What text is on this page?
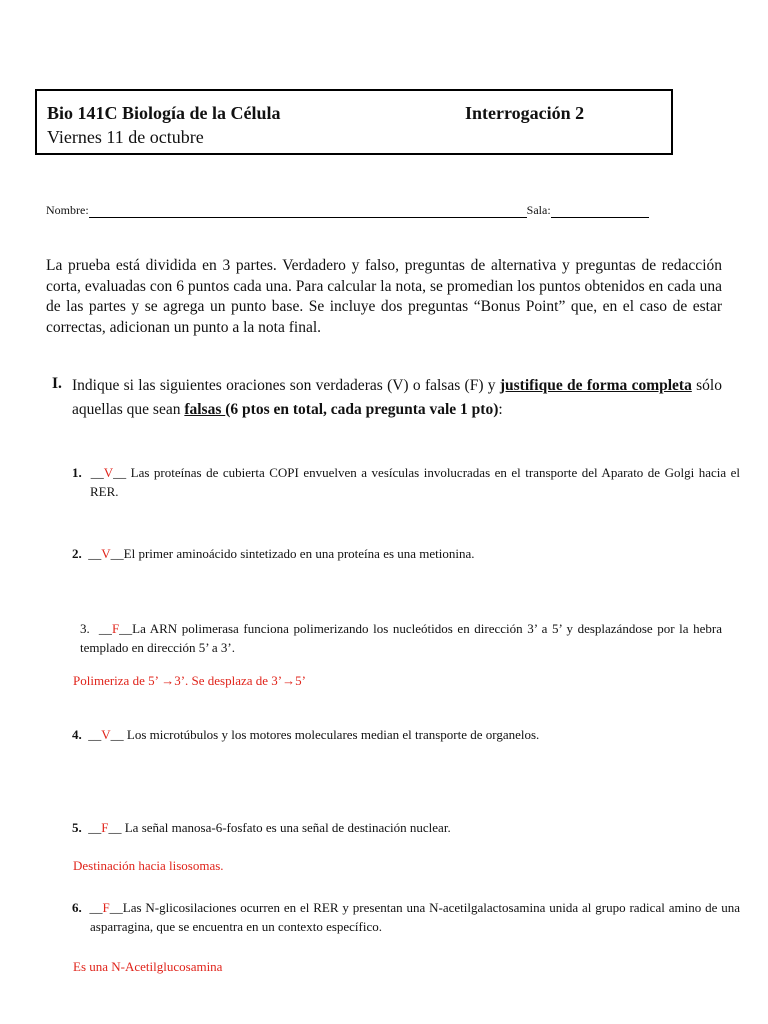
Bio 141C Biología de la Célula	Interrogación 2
Viernes 11 de octubre
Nombre:	Sala:
La prueba está dividida en 3 partes. Verdadero y falso, preguntas de alternativa y preguntas de redacción corta, evaluadas con 6 puntos cada una. Para calcular la nota, se promedian los puntos obtenidos en cada una de las partes y se agrega un punto base. Se incluye dos preguntas “Bonus Point” que, en el caso de estar correctas, adicionan un punto a la nota final.
I. Indique si las siguientes oraciones son verdaderas (V) o falsas (F) y justifique de forma completa sólo aquellas que sean falsas (6 ptos en total, cada pregunta vale 1 pto):
1.  __V__ Las proteínas de cubierta COPI envuelven a vesículas involucradas en el transporte del Aparato de Golgi hacia el RER.
2.  __V__El primer aminoácido sintetizado en una proteína es una metionina.
3.  __F__La ARN polimerasa funciona polimerizando los nucleótidos en dirección 3’ a 5’ y desplazándose por la hebra templado en dirección 5’ a 3’.
Polimeriza de 5’ →3’. Se desplaza de 3’→5’
4.  __V__ Los microtúbulos y los motores moleculares median el transporte de organelos.
5.  __F__ La señal manosa-6-fosfato es una señal de destinación nuclear.
Destinación hacia lisosomas.
6.  __F__Las N-glicosilaciones ocurren en el RER y presentan una N-acetilgalactosamina unida al grupo radical amino de una asparragina, que se encuentra en un contexto específico.
Es una N-Acetilglucosamina
